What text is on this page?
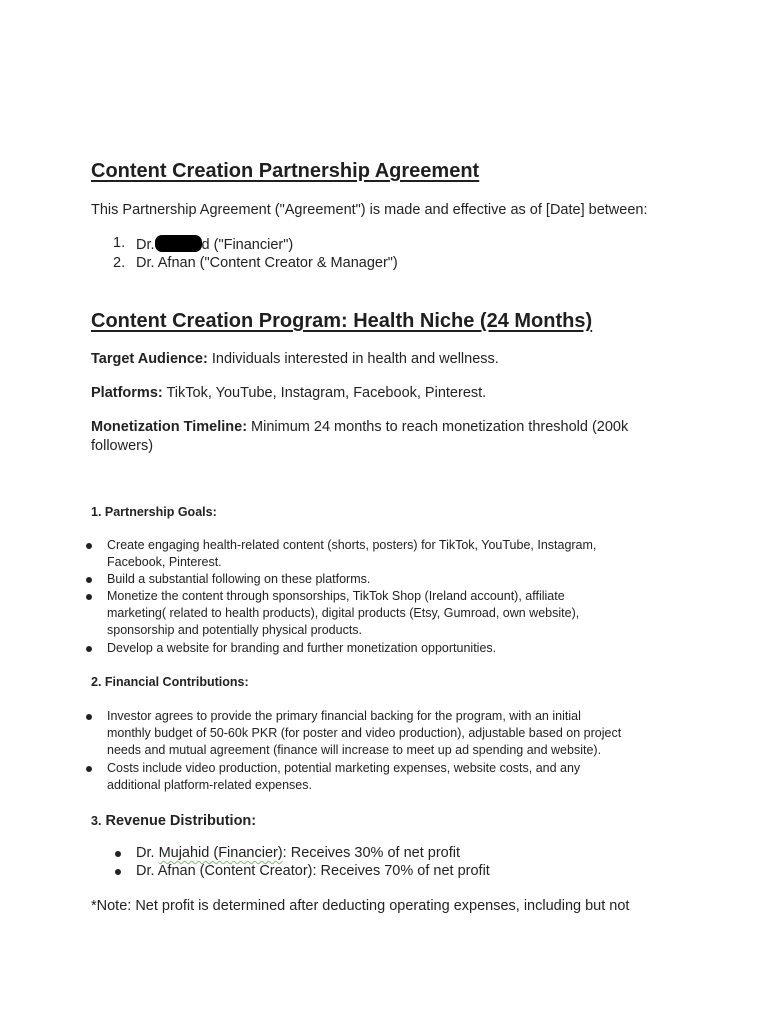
Content Creation Partnership Agreement
This Partnership Agreement ("Agreement") is made and effective as of [Date] between:
1. Dr.	d ("Financier")
2. Dr. Afnan ("Content Creator & Manager")
Content Creation Program: Health Niche (24 Months)
Target Audience: Individuals interested in health and wellness.
Platforms: TikTok, YouTube, Instagram, Facebook, Pinterest.
Monetization Timeline: Minimum 24 months to reach monetization threshold (200k
followers)
1. Partnership Goals:
Create engaging health-related content (shorts, posters) for TikTok, YouTube, Instagram,
Facebook, Pinterest.
Build a substantial following on these platforms.
Monetize the content through sponsorships, TikTok Shop (Ireland account), affiliate
marketing( related to health products), digital products (Etsy, Gumroad, own website),
sponsorship and potentially physical products.
Develop a website for branding and further monetization opportunities.
2. Financial Contributions:
Investor agrees to provide the primary financial backing for the program, with an initial
monthly budget of 50-60k PKR (for poster and video production), adjustable based on project
needs and mutual agreement (finance will increase to meet up ad spending and website).
Costs include video production, potential marketing expenses, website costs, and any
additional platform-related expenses.
3. Revenue Distribution:
Dr. Mujahid (Financier): Receives 30% of net profit
Dr. Afnan (Content Creator): Receives 70% of net profit
*Note: Net profit is determined after deducting operating expenses, including but not
